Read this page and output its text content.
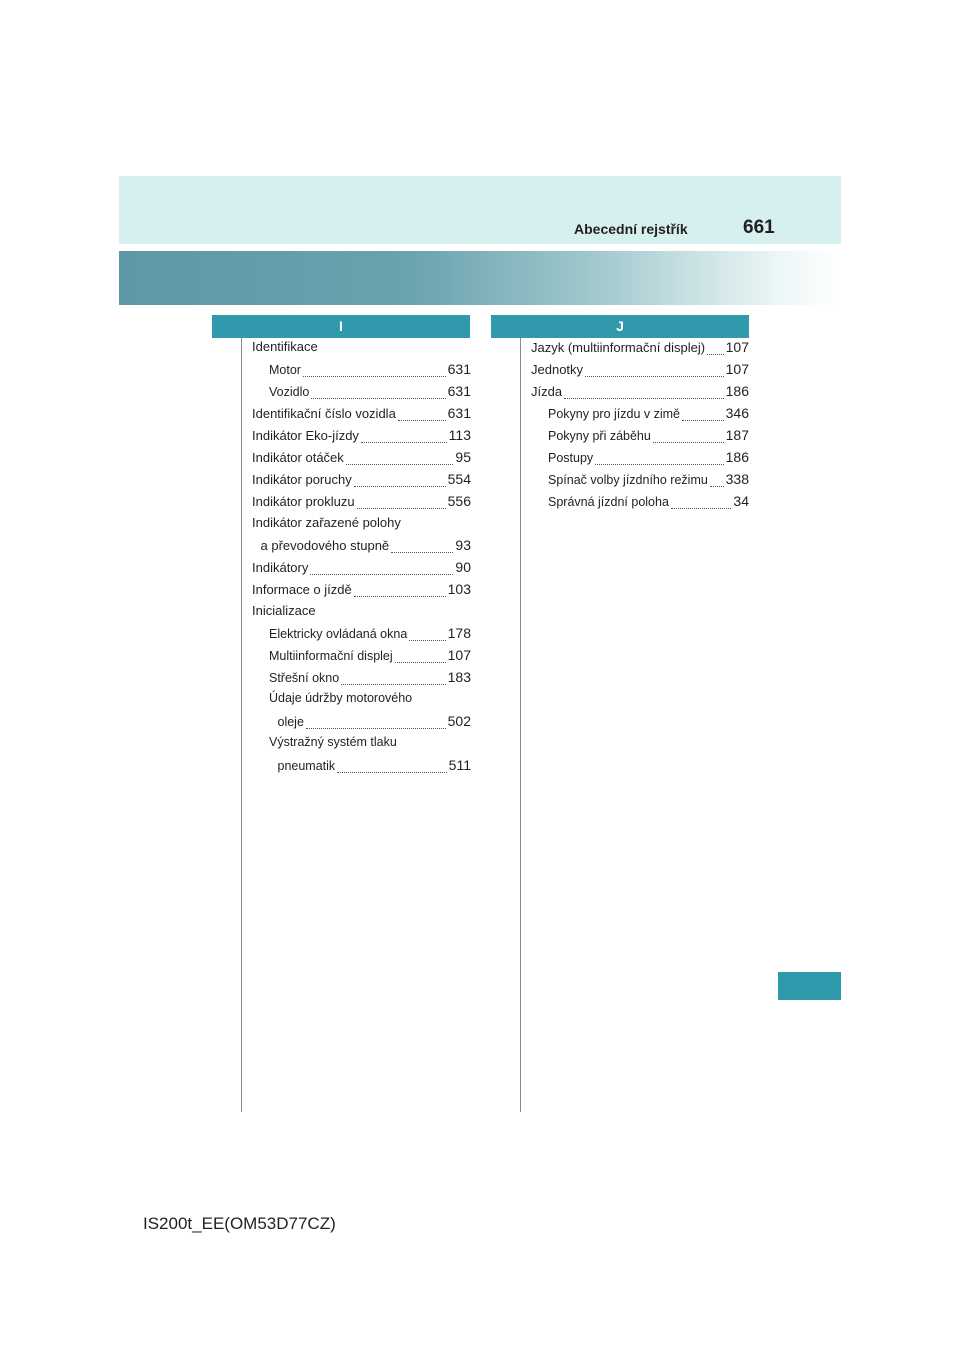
Abecední rejstřík	661
I
Identifikace
Motor	631
Vozidlo	631
Identifikační číslo vozidla	631
Indikátor Eko-jízdy	113
Indikátor otáček	95
Indikátor poruchy	554
Indikátor prokluzu	556
Indikátor zařazené polohy
a převodového stupně	93
Indikátory	90
Informace o jízdě	103
Inicializace
Elektricky ovládaná okna	178
Multiinformační displej	107
Střešní okno	183
Údaje údržby motorového
oleje	502
Výstražný systém tlaku
pneumatik	511
J
Jazyk (multiinformační displej) 107
Jednotky	107
Jízda	186
Pokyny pro jízdu v zimě	346
Pokyny při záběhu	187
Postupy	186
Spínač volby jízdního režimu 338
Správná jízdní poloha	34
IS200t_EE(OM53D77CZ)
